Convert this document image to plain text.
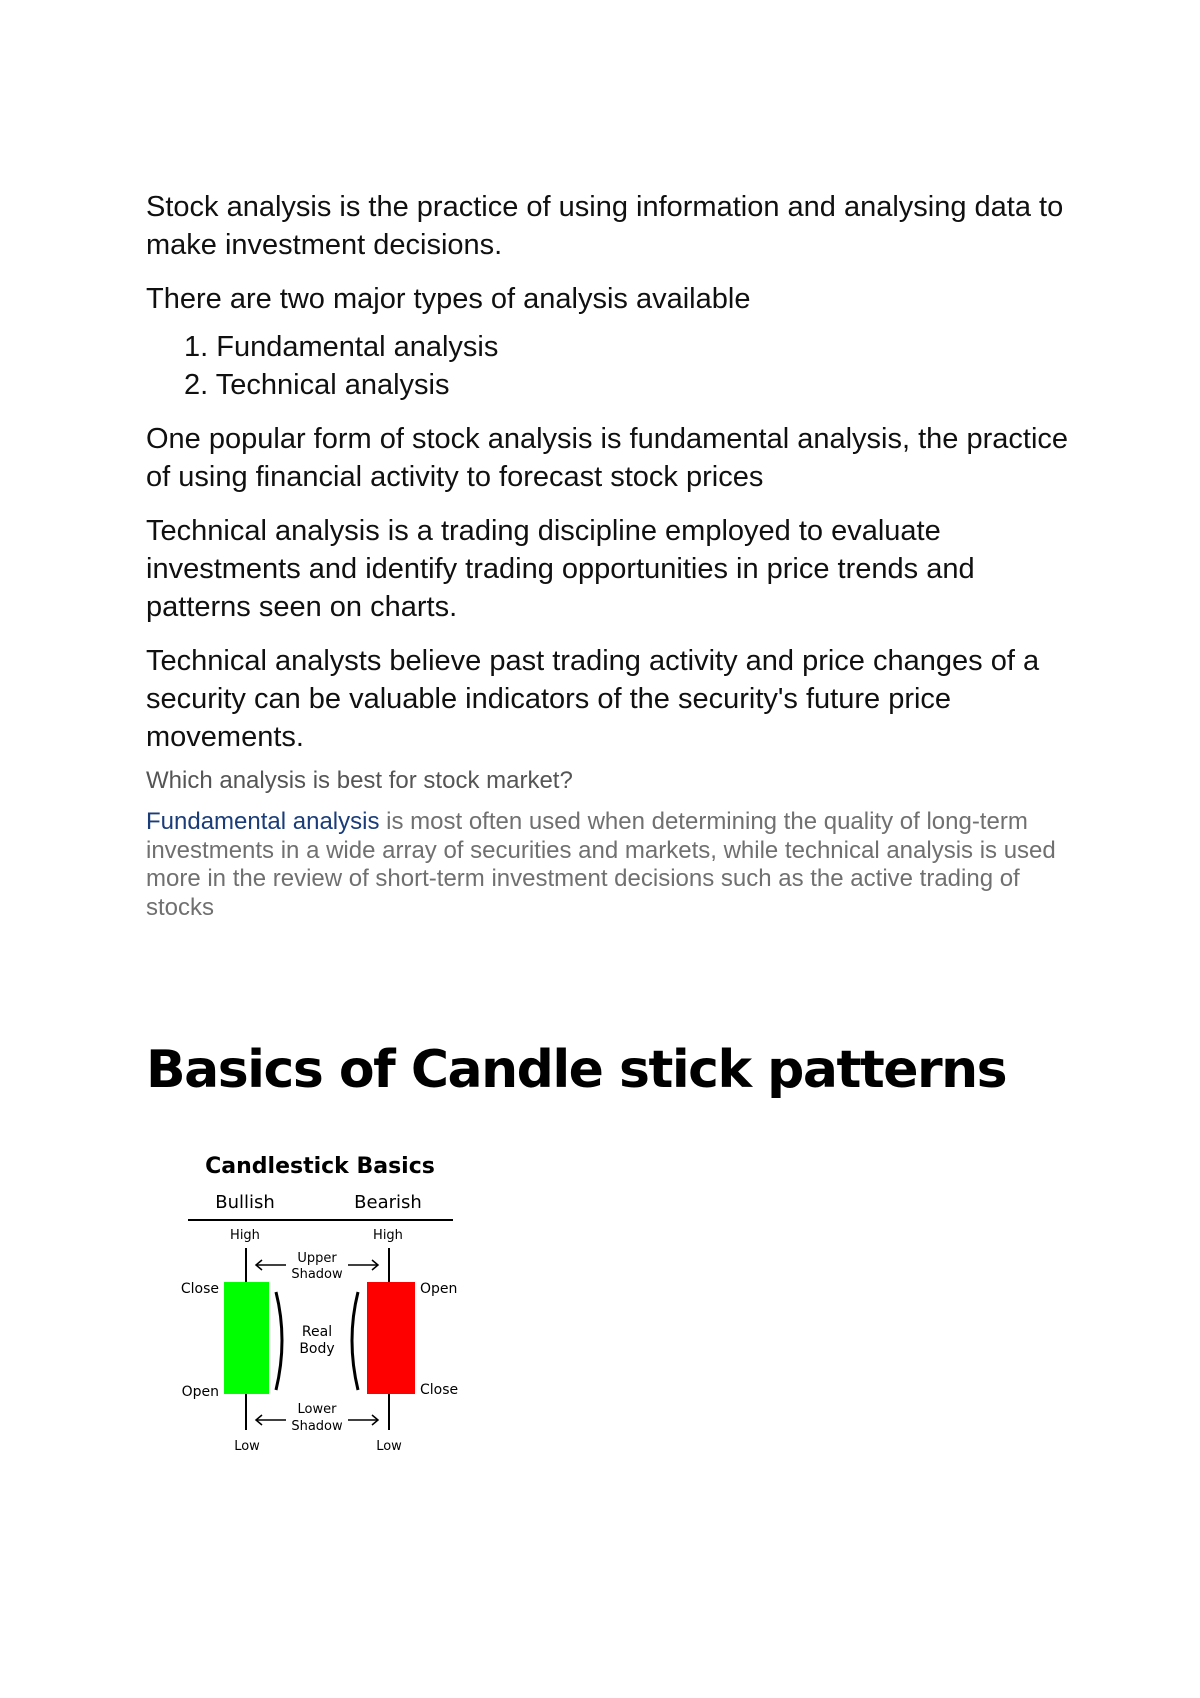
Stock analysis is the practice of using information and analysing data to make investment decisions.

There are two major types of analysis available

1. Fundamental analysis
2. Technical analysis

One popular form of stock analysis is fundamental analysis, the practice of using financial activity to forecast stock prices

Technical analysis is a trading discipline employed to evaluate investments and identify trading opportunities in price trends and patterns seen on charts.

Technical analysts believe past trading activity and price changes of a security can be valuable indicators of the security's future price movements.

Which analysis is best for stock market?

Fundamental analysis is most often used when determining the quality of long-term investments in a wide array of securities and markets, while technical analysis is used more in the review of short-term investment decisions such as the active trading of stocks

Basics of Candle stick patterns
Candlestick Basics
Bullish	Bearish
High	High
Close
Open
Open
Close
Upper
Shadow
Real
Body
Lower
Shadow
Low	Low
